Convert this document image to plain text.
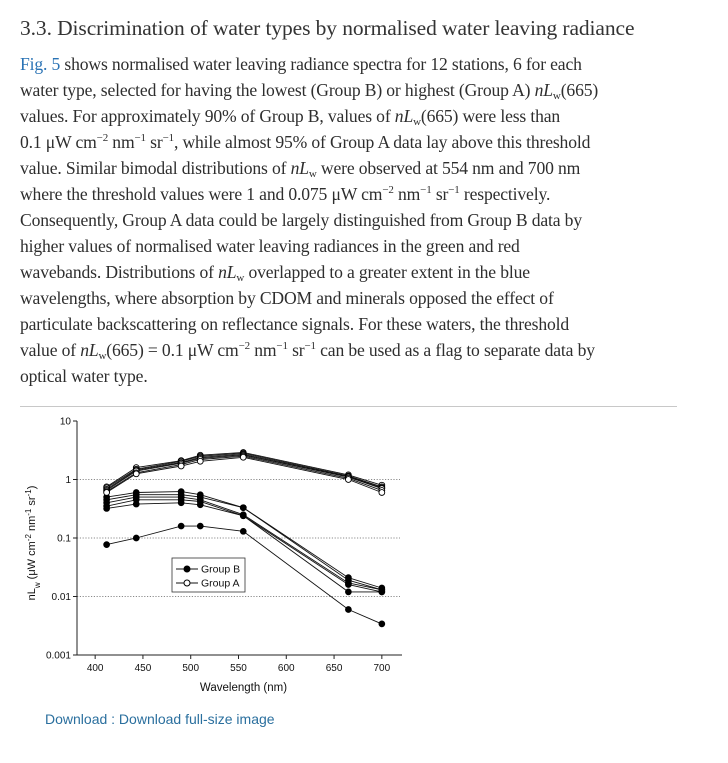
3.3. Discrimination of water types by normalised water leaving radiance
Fig. 5 shows normalised water leaving radiance spectra for 12 stations, 6 for each
water type, selected for having the lowest (Group B) or highest (Group A) $nL_w(665)$
values. For approximately 90% of Group B, values of $nL_w(665)$ were less than
0.1 μW $cm^{-2}$ $nm^{-1}$ $sr^{-1}$, while almost 95% of Group A data lay above this threshold
value. Similar bimodal distributions of $nL_w$ were observed at 554 nm and 700 nm
where the threshold values were 1 and 0.075 μW $cm^{-2}$ $nm^{-1}$ $sr^{-1}$ respectively.
Consequently, Group A data could be largely distinguished from Group B data by
higher values of normalised water leaving radiances in the green and red
wavebands. Distributions of $nL_w$ overlapped to a greater extent in the blue
wavelengths, where absorption by CDOM and minerals opposed the effect of
particulate backscattering on reflectance signals. For these waters, the threshold
value of $nL_w(665) = 0.1$ μW $cm^{-2}$ $nm^{-1}$ $sr^{-1}$ can be used as a flag to separate data by
optical water type.
10
1
0.1
0.01
0.001
400	450	500	550	600	650	700
Wavelength (nm)
$nL_w$ (μW $cm^{-2}$ $nm^{-1}$ $sr^{-1}$)
Group B
Group A
Download : Download full-size image
